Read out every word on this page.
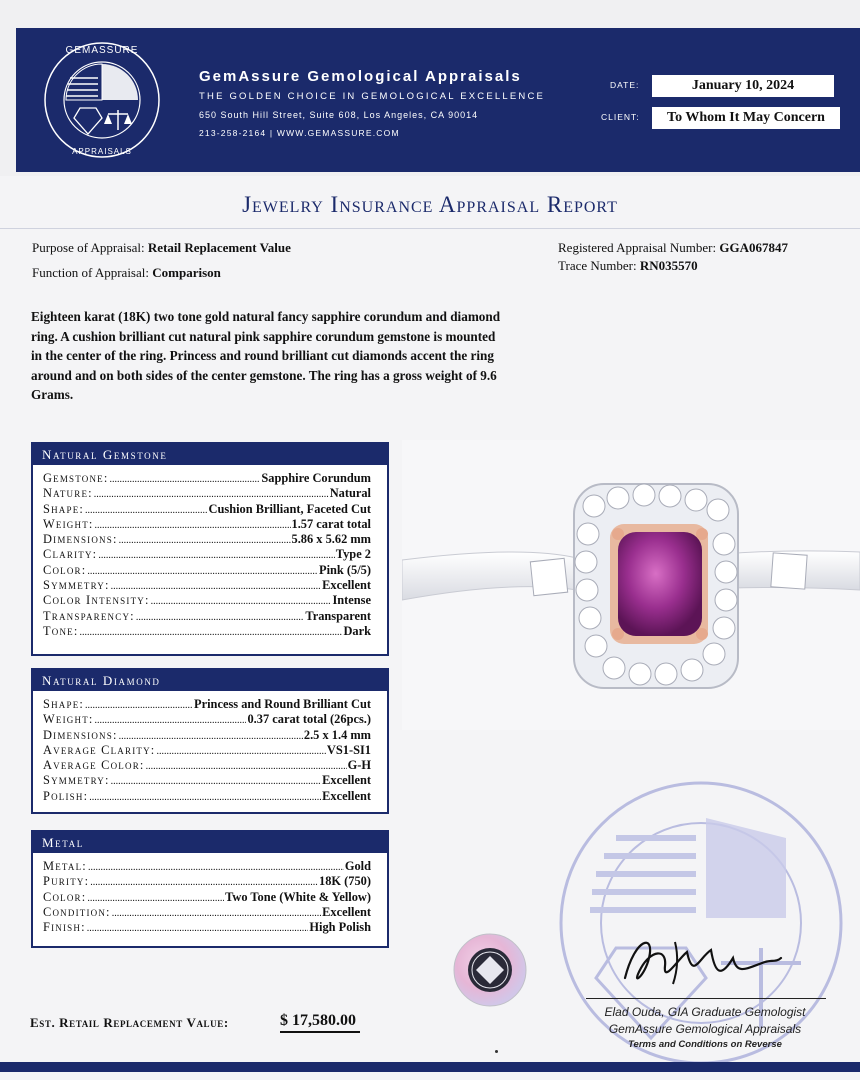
GEMASSURE
APPRAISALS
GemAssure Gemological Appraisals
THE GOLDEN CHOICE IN GEMOLOGICAL EXCELLENCE
650 South Hill Street, Suite 608, Los Angeles, CA 90014
213-258-2164 | WWW.GEMASSURE.COM
DATE:	January 10, 2024
CLIENT:	To Whom It May Concern
Jewelry Insurance Appraisal Report
Purpose of Appraisal: Retail Replacement Value
Function of Appraisal: Comparison
Registered Appraisal Number: GGA067847
Trace Number: RN035570
Eighteen karat (18K) two tone gold natural fancy sapphire corundum and diamond ring. A cushion brilliant cut natural pink sapphire corundum gemstone is mounted in the center of the ring. Princess and round brilliant cut diamonds accent the ring around and on both sides of the center gemstone. The ring has a gross weight of 9.6 Grams.
Natural Gemstone
Gemstone: .....	Sapphire Corundum
Nature: .....	Natural
Shape: .....	Cushion Brilliant, Faceted Cut
Weight: .....	1.57 carat total
Dimensions: .....	5.86 x 5.62 mm
Clarity: .....	Type 2
Color: .....	Pink (5/5)
Symmetry: .....	Excellent
Color Intensity: .....	Intense
Transparency: .....	Transparent
Tone: .....	Dark
Natural Diamond
Shape: .....	Princess and Round Brilliant Cut
Weight: .....	0.37 carat total (26pcs.)
Dimensions: .....	2.5 x 1.4 mm
Average Clarity: .....	VS1-SI1
Average Color: .....	G-H
Symmetry: .....	Excellent
Polish: .....	Excellent
Metal
Metal: .....	Gold
Purity: .....	18K (750)
Color: .....	Two Tone (White & Yellow)
Condition: .....	Excellent
Finish: .....	High Polish
Elad Ouda, GIA Graduate Gemologist
GemAssure Gemological Appraisals
Terms and Conditions on Reverse
Est. Retail Replacement Value:	$ 17,580.00
